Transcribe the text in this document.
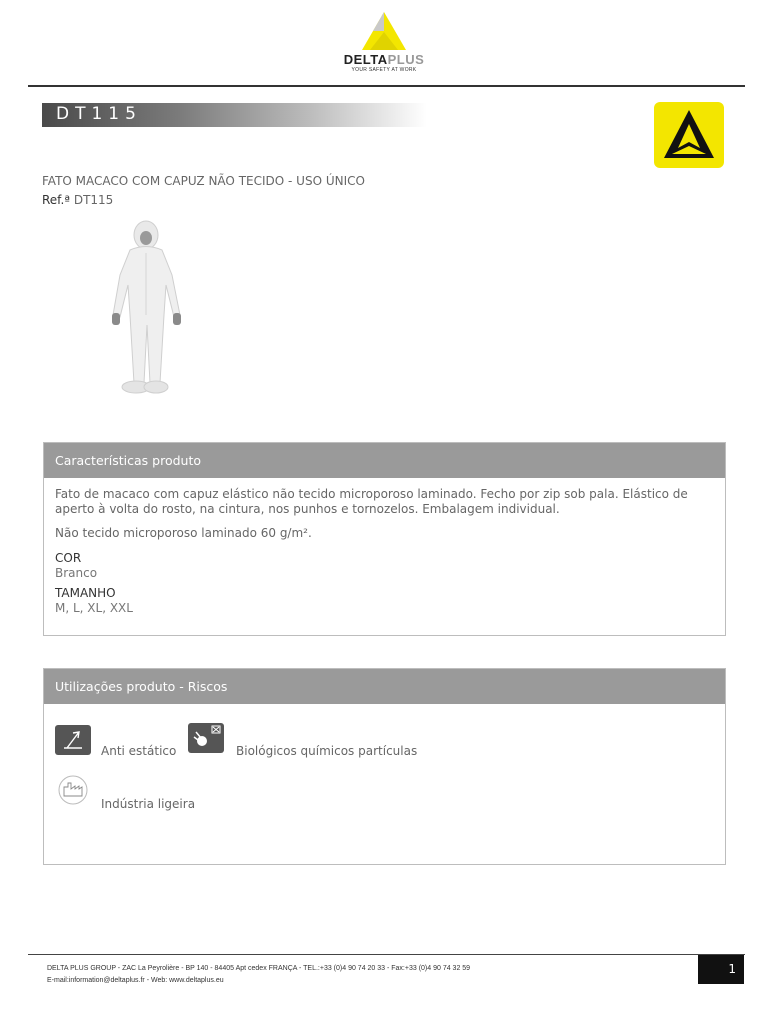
DELTAPLUS
YOUR SAFETY AT WORK
DT115
FATO MACACO COM CAPUZ NÃO TECIDO - USO ÚNICO
Ref.ª DT115
Características produto
Fato de macaco com capuz elástico não tecido microporoso laminado. Fecho por zip sob pala. Elástico de aperto à volta do rosto, na cintura, nos punhos e tornozelos. Embalagem individual.
Não tecido microporoso laminado 60 g/m².
COR
Branco
TAMANHO
M, L, XL, XXL
Utilizações produto - Riscos
Anti estático	Biológicos químicos partículas
Indústria ligeira
DELTA PLUS GROUP - ZAC La Peyrolière - BP 140 - 84405 Apt cedex FRANÇA - TEL.:+33 (0)4 90 74 20 33 - Fax:+33 (0)4 90 74 32 59
E-mail:information@deltaplus.fr - Web: www.deltaplus.eu
1
